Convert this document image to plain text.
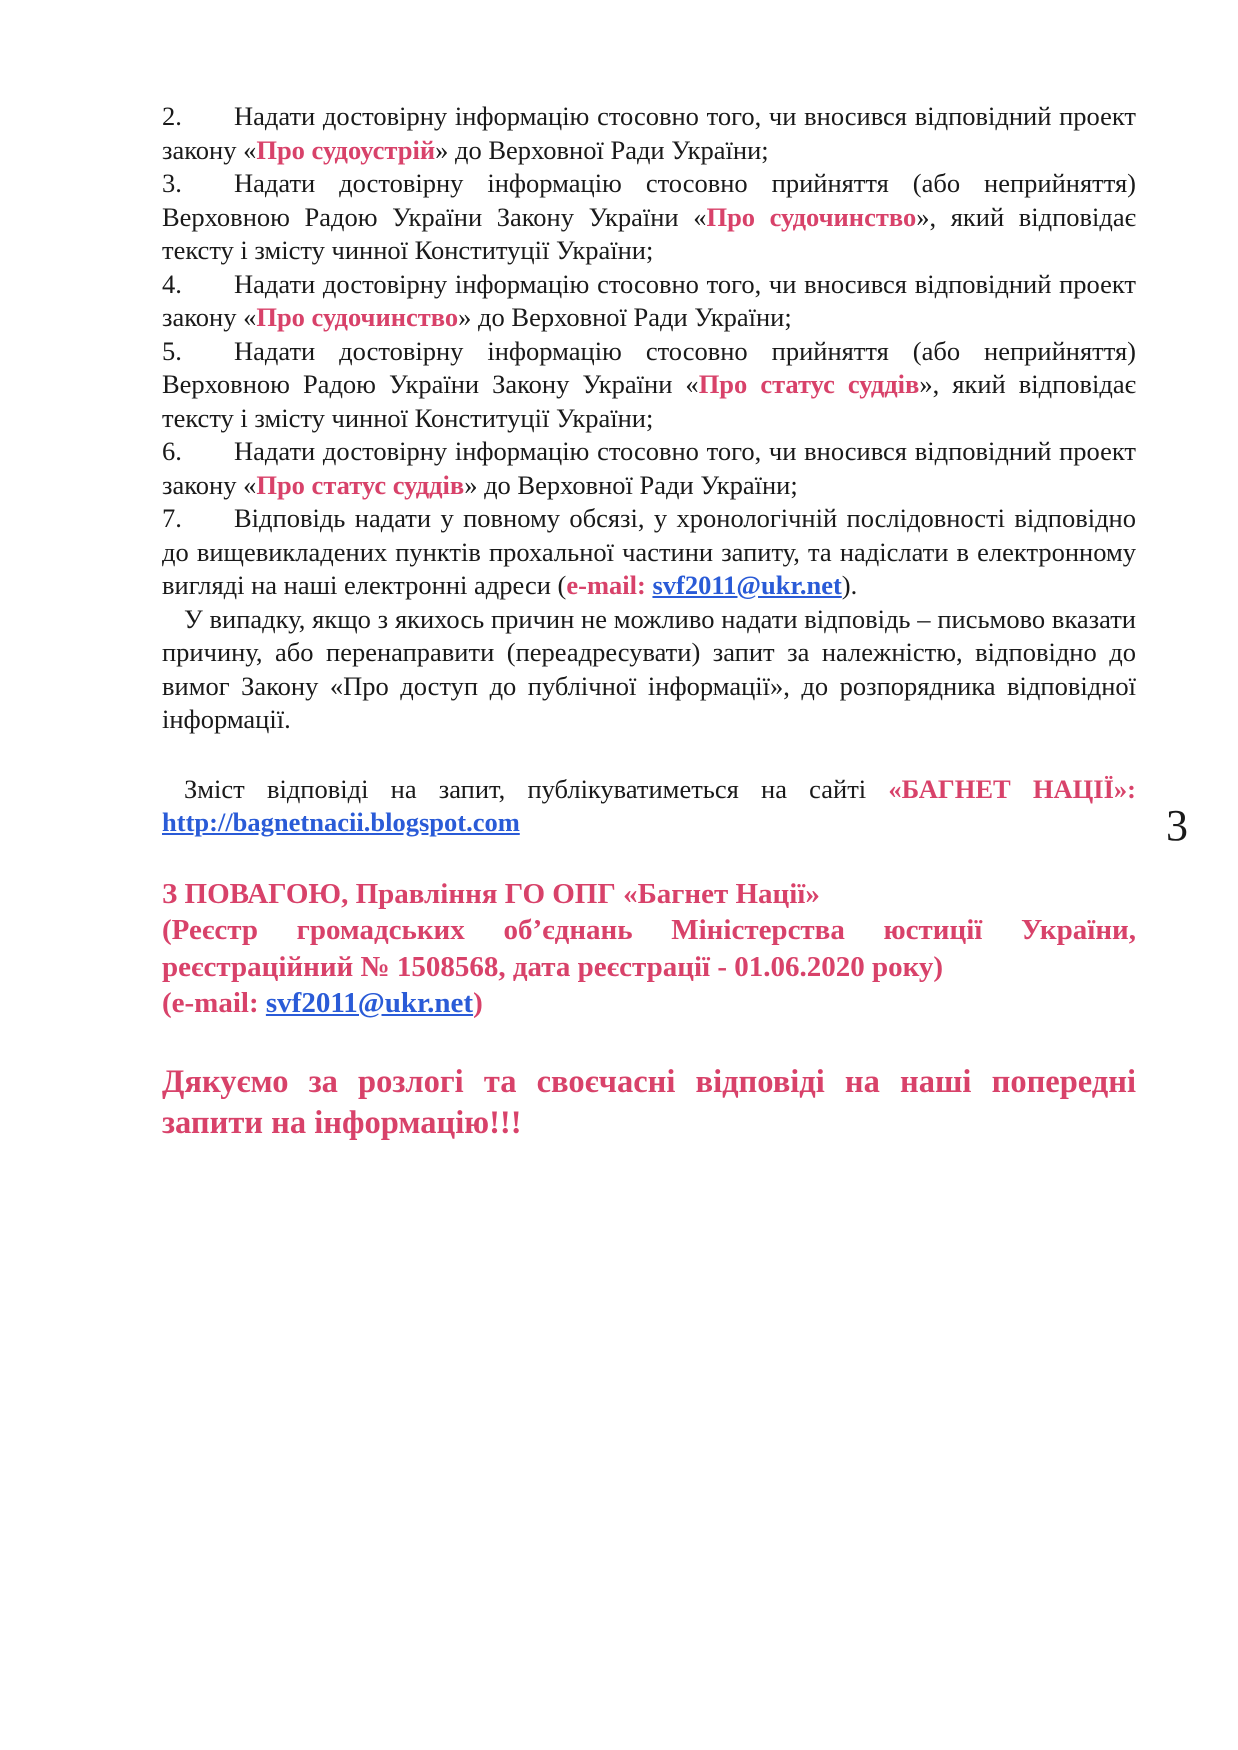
2. Надати достовірну інформацію стосовно того, чи вносився відповідний проект закону «Про судоустрій» до Верховної Ради України;

3. Надати достовірну інформацію стосовно прийняття (або неприйняття) Верховною Радою України Закону України «Про судочинство», який відповідає тексту і змісту чинної Конституції України;

4. Надати достовірну інформацію стосовно того, чи вносився відповідний проект закону «Про судочинство» до Верховної Ради України;

5. Надати достовірну інформацію стосовно прийняття (або неприйняття) Верховною Радою України Закону України «Про статус суддів», який відповідає тексту і змісту чинної Конституції України;

6. Надати достовірну інформацію стосовно того, чи вносився відповідний проект закону «Про статус суддів» до Верховної Ради України;

7. Відповідь надати у повному обсязі, у хронологічній послідовності відповідно до вищевикладених пунктів прохальної частини запиту, та надіслати в електронному вигляді на наші електронні адреси (e-mail: svf2011@ukr.net).

У випадку, якщо з якихось причин не можливо надати відповідь – письмово вказати причину, або перенаправити (переадресувати) запит за належністю, відповідно до вимог Закону «Про доступ до публічної інформації», до розпорядника відповідної інформації.

Зміст відповіді на запит, публікуватиметься на сайті «БАГНЕТ НАЦІЇ»: http://bagnetnacii.blogspot.com

З ПОВАГОЮ, Правління ГО ОПГ «Багнет Нації»
(Реєстр громадських об’єднань Міністерства юстиції України,
реєстраційний № 1508568, дата реєстрації - 01.06.2020 року)
(e-mail: svf2011@ukr.net)

Дякуємо за розлогі та своєчасні відповіді на наші попередні запити на інформацію!!!

3
